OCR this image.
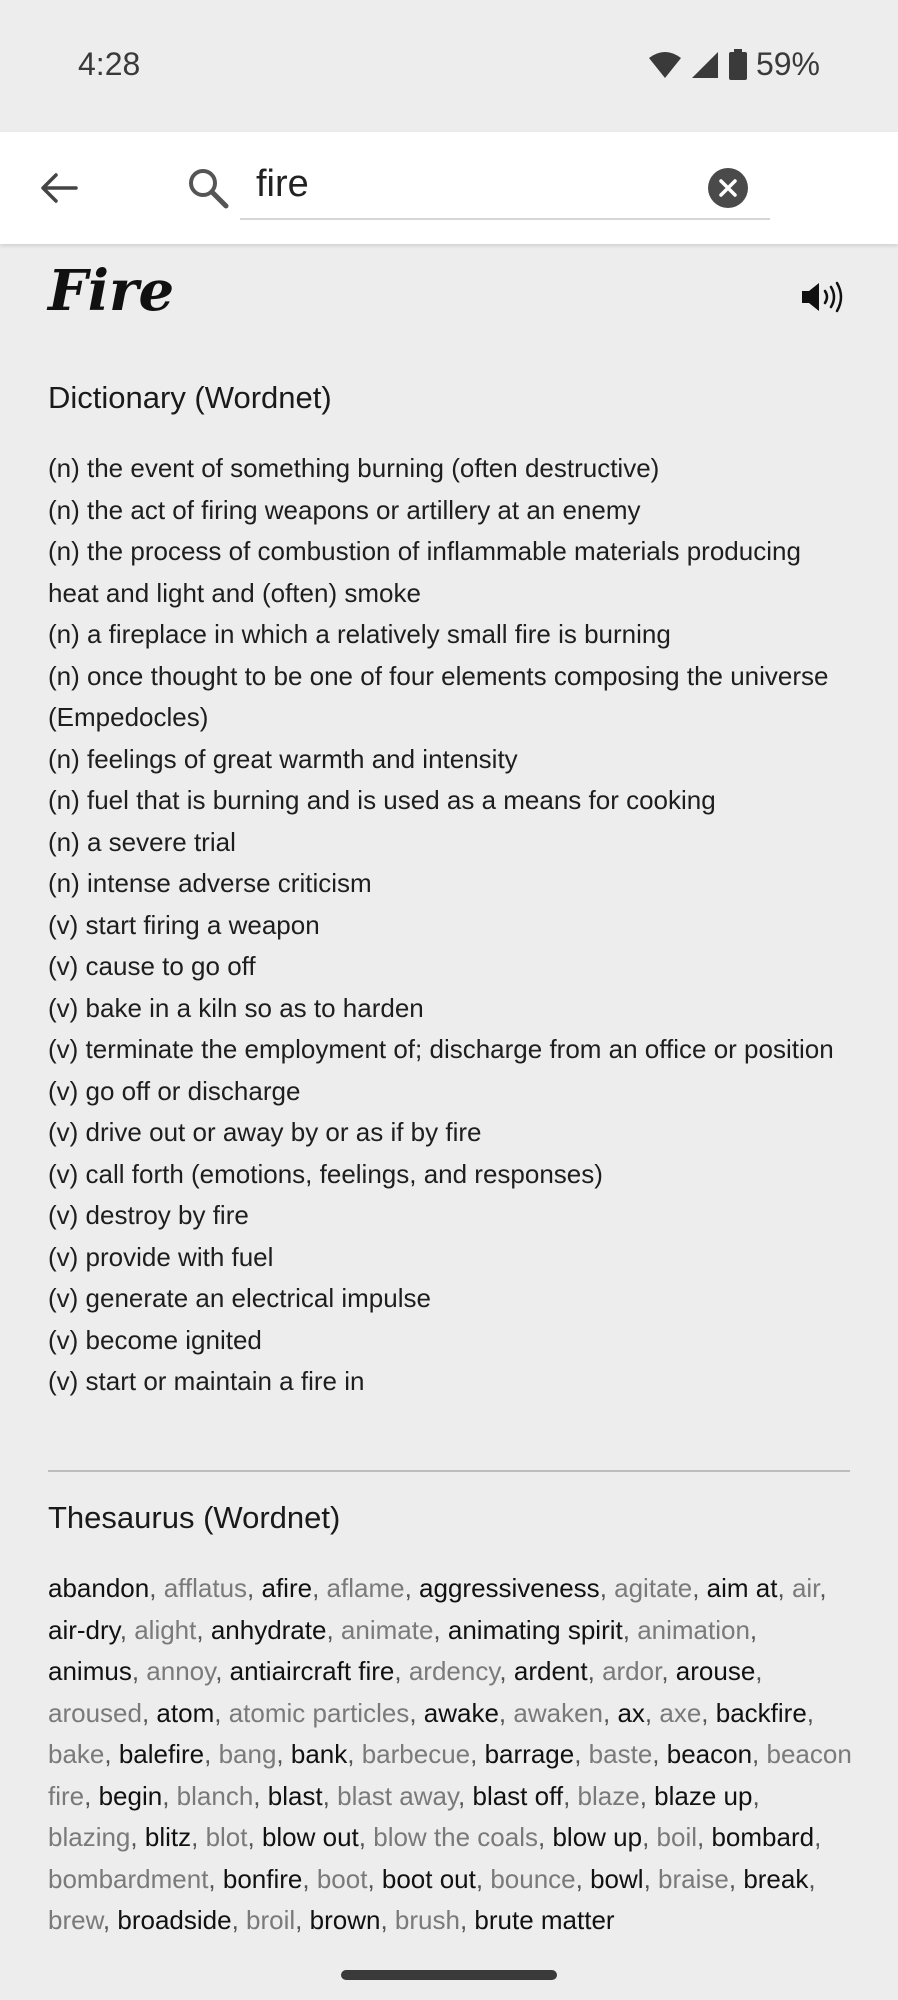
4:28	59%
fire
Fire
Dictionary (Wordnet)
(n) the event of something burning (often destructive)
(n) the act of firing weapons or artillery at an enemy
(n) the process of combustion of inflammable materials producing heat and light and (often) smoke
(n) a fireplace in which a relatively small fire is burning
(n) once thought to be one of four elements composing the universe (Empedocles)
(n) feelings of great warmth and intensity
(n) fuel that is burning and is used as a means for cooking
(n) a severe trial
(n) intense adverse criticism
(v) start firing a weapon
(v) cause to go off
(v) bake in a kiln so as to harden
(v) terminate the employment of; discharge from an office or position
(v) go off or discharge
(v) drive out or away by or as if by fire
(v) call forth (emotions, feelings, and responses)
(v) destroy by fire
(v) provide with fuel
(v) generate an electrical impulse
(v) become ignited
(v) start or maintain a fire in
Thesaurus (Wordnet)
abandon, afflatus, afire, aflame, aggressiveness, agitate, aim at, air, air-dry, alight, anhydrate, animate, animating spirit, animation, animus, annoy, antiaircraft fire, ardency, ardent, ardor, arouse, aroused, atom, atomic particles, awake, awaken, ax, axe, backfire, bake, balefire, bang, bank, barbecue, barrage, baste, beacon, beacon fire, begin, blanch, blast, blast away, blast off, blaze, blaze up, blazing, blitz, blot, blow out, blow the coals, blow up, boil, bombard, bombardment, bonfire, boot, boot out, bounce, bowl, braise, break, brew, broadside, broil, brown, brush, brute matter
